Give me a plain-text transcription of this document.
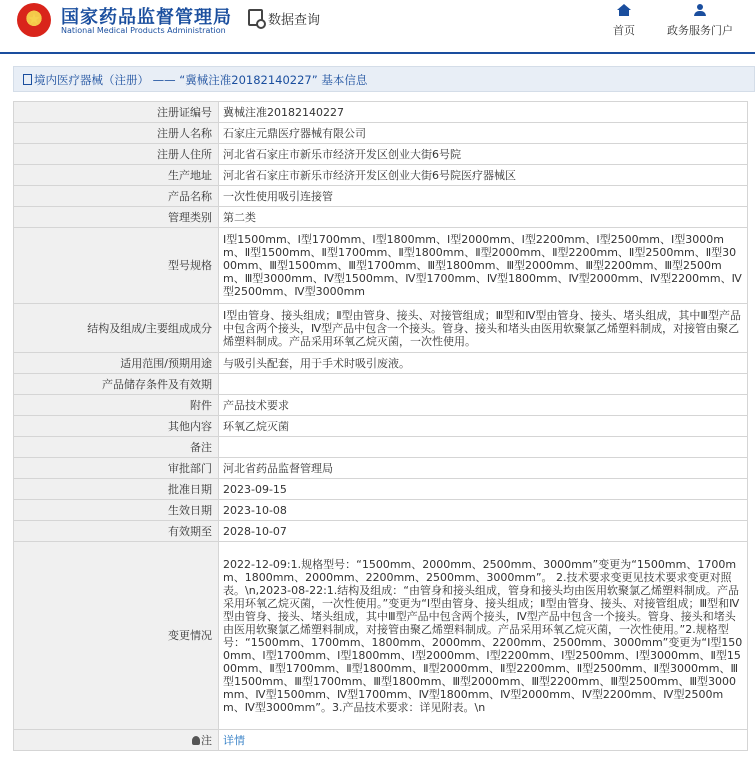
国家药品监督管理局
National Medical Products Administration
数据查询
首页	政务服务门户
境内医疗器械（注册） —— “冀械注准20182140227” 基本信息
注册证编号	冀械注准20182140227
注册人名称	石家庄元鼎医疗器械有限公司
注册人住所	河北省石家庄市新乐市经济开发区创业大街6号院
生产地址	河北省石家庄市新乐市经济开发区创业大街6号院医疗器械区
产品名称	一次性使用吸引连接管
管理类别	第二类
型号规格	Ⅰ型1500mm、Ⅰ型1700mm、Ⅰ型1800mm、Ⅰ型2000mm、Ⅰ型2200mm、Ⅰ型2500mm、Ⅰ型3000mm、Ⅱ型1500mm、Ⅱ型1700mm、Ⅱ型1800mm、Ⅱ型2000mm、Ⅱ型2200mm、Ⅱ型2500mm、Ⅱ型3000mm、Ⅲ型1500mm、Ⅲ型1700mm、Ⅲ型1800mm、Ⅲ型2000mm、Ⅲ型2200mm、Ⅲ型2500mm、Ⅲ型3000mm、Ⅳ型1500mm、Ⅳ型1700mm、Ⅳ型1800mm、Ⅳ型2000mm、Ⅳ型2200mm、Ⅳ型2500mm、Ⅳ型3000mm
结构及组成/主要组成成分	Ⅰ型由管身、接头组成；Ⅱ型由管身、接头、对接管组成；Ⅲ型和Ⅳ型由管身、接头、堵头组成，其中Ⅲ型产品中包含两个接头，Ⅳ型产品中包含一个接头。管身、接头和堵头由医用软聚氯乙烯塑料制成，对接管由聚乙烯塑料制成。产品采用环氧乙烷灭菌，一次性使用。
适用范围/预期用途	与吸引头配套，用于手术时吸引废液。
产品储存条件及有效期	
附件	产品技术要求
其他内容	环氧乙烷灭菌
备注	
审批部门	河北省药品监督管理局
批准日期	2023-09-15
生效日期	2023-10-08
有效期至	2028-10-07
变更情况	2022-12-09:1.规格型号：“1500mm、2000mm、2500mm、3000mm”变更为“1500mm、1700mm、1800mm、2000mm、2200mm、2500mm、3000mm”。 2.技术要求变更见技术要求变更对照表。\n,2023-08-22:1.结构及组成：“由管身和接头组成，管身和接头均由医用软聚氯乙烯塑料制成。产品采用环氧乙烷灭菌，一次性使用。”变更为“Ⅰ型由管身、接头组成；Ⅱ型由管身、接头、对接管组成；Ⅲ型和Ⅳ型由管身、接头、堵头组成，其中Ⅲ型产品中包含两个接头，Ⅳ型产品中包含一个接头。管身、接头和堵头由医用软聚氯乙烯塑料制成，对接管由聚乙烯塑料制成。产品采用环氧乙烷灭菌，一次性使用。”2.规格型号：“1500mm、1700mm、1800mm、2000mm、2200mm、2500mm、3000mm”变更为“Ⅰ型1500mm、Ⅰ型1700mm、Ⅰ型1800mm、Ⅰ型2000mm、Ⅰ型2200mm、Ⅰ型2500mm、Ⅰ型3000mm、Ⅱ型1500mm、Ⅱ型1700mm、Ⅱ型1800mm、Ⅱ型2000mm、Ⅱ型2200mm、Ⅱ型2500mm、Ⅱ型3000mm、Ⅲ型1500mm、Ⅲ型1700mm、Ⅲ型1800mm、Ⅲ型2000mm、Ⅲ型2200mm、Ⅲ型2500mm、Ⅲ型3000mm、Ⅳ型1500mm、Ⅳ型1700mm、Ⅳ型1800mm、Ⅳ型2000mm、Ⅳ型2200mm、Ⅳ型2500mm、Ⅳ型3000mm”。3.产品技术要求：详见附表。\n
注	详情
